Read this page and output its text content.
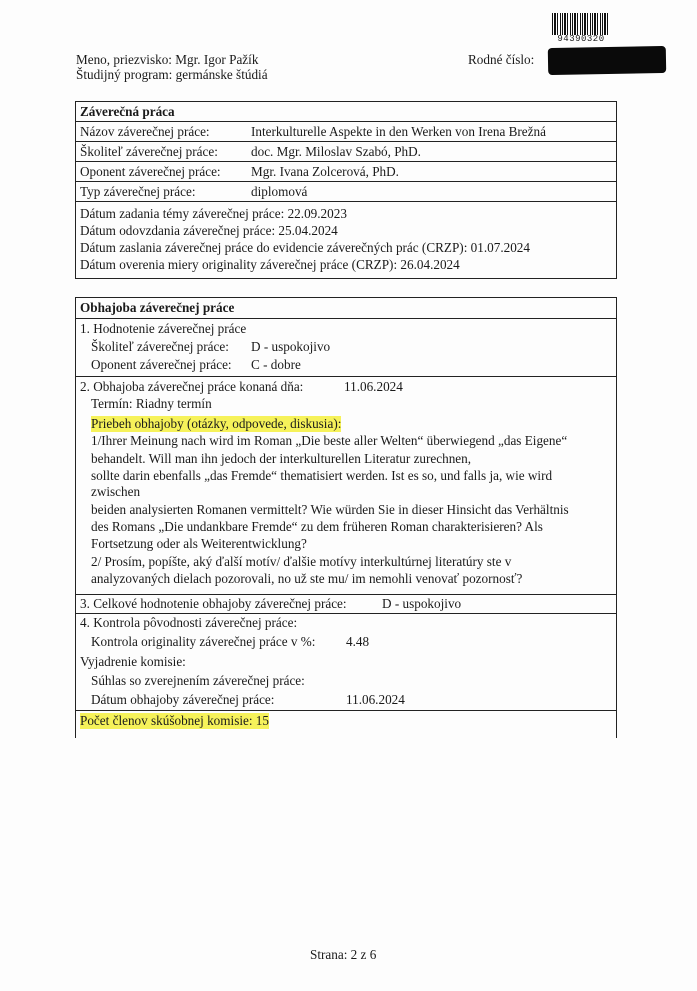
94390320
Meno, priezvisko: Mgr. Igor Pažík
Študijný program: germánske štúdiá
Rodné číslo:
Záverečná práca
Názov záverečnej práce:	Interkulturelle Aspekte in den Werken von Irena Brežná
Školiteľ záverečnej práce:	doc. Mgr. Miloslav Szabó, PhD.
Oponent záverečnej práce: Mgr. Ivana Zolcerová, PhD.
Typ záverečnej práce:	diplomová
Dátum zadania témy záverečnej práce: 22.09.2023
Dátum odovzdania záverečnej práce: 25.04.2024
Dátum zaslania záverečnej práce do evidencie záverečných prác (CRZP): 01.07.2024
Dátum overenia miery originality záverečnej práce (CRZP): 26.04.2024
Obhajoba záverečnej práce
1. Hodnotenie záverečnej práce
Školiteľ záverečnej práce: D - uspokojivo
Oponent záverečnej práce: C - dobre
2. Obhajoba záverečnej práce konaná dňa:	11.06.2024
Termín: Riadny termín
Priebeh obhajoby (otázky, odpovede, diskusia):
1/Ihrer Meinung nach wird im Roman „Die beste aller Welten“ überwiegend „das Eigene“
behandelt. Will man ihn jedoch der interkulturellen Literatur zurechnen,
sollte darin ebenfalls „das Fremde“ thematisiert werden. Ist es so, und falls ja, wie wird
zwischen
beiden analysierten Romanen vermittelt? Wie würden Sie in dieser Hinsicht das Verhältnis
des Romans „Die undankbare Fremde“ zu dem früheren Roman charakterisieren? Als
Fortsetzung oder als Weiterentwicklung?
2/ Prosím, popíšte, aký ďalší motív/ ďalšie motívy interkultúrnej literatúry ste v
analyzovaných dielach pozorovali, no už ste mu/ im nemohli venovať pozornosť?
3. Celkové hodnotenie obhajoby záverečnej práce:	D - uspokojivo
4. Kontrola pôvodnosti záverečnej práce:
Kontrola originality záverečnej práce v %: 4.48
Vyjadrenie komisie:
Súhlas so zverejnením záverečnej práce:
Dátum obhajoby záverečnej práce:	11.06.2024
Počet členov skúšobnej komisie: 15
Strana: 2 z 6
